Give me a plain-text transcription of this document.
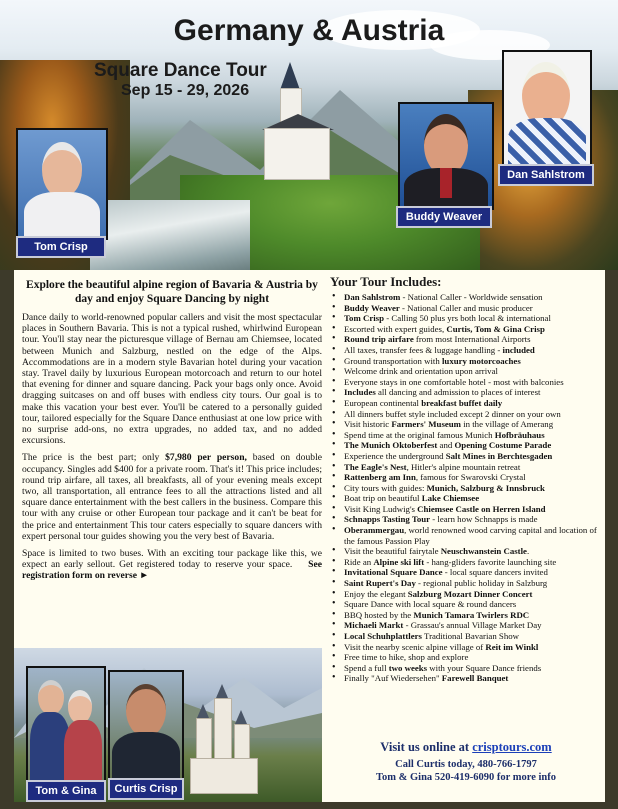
Germany & Austria
Square Dance Tour
Sep 15 - 29, 2026
Tom Crisp
Buddy Weaver
Dan Sahlstrom

Explore the beautiful alpine region of Bavaria & Austria by day and enjoy Square Dancing by night

Dance daily to world-renowned popular callers and visit the most spectacular places in Southern Bavaria. This is not a typical rushed, whirlwind European tour. You'll stay near the picturesque village of Bernau am Chiemsee, located between Munich and Salzburg, nestled on the edge of the Alps. Accommodations are in a modern style Bavarian hotel during your vacation stay. Travel daily by luxurious European motorcoach and return to our hotel that evening for dinner and square dancing. Pack your bags only once. Avoid dragging suitcases on and off buses with endless city tours. Our goal is to make this vacation your best ever. You'll be catered to a personally guided tour, tailored especially for the Square Dance enthusiast at one low price with no surprise add-ons, no extra upgrades, no added tax, and no added excursions.

The price is the best part; only $7,980 per person, based on double occupancy. Singles add $400 for a private room. That's it! This price includes; round trip airfare, all taxes, all breakfasts, all of your evening meals except two, all transportation, all entrance fees to all the attractions listed and all square dance entertainment with the best callers in the business. Compare this tour with any cruise or other European tour package and it can't be beat for the price and entertainment This tour caters especially to square dancers with expert personal tour guides showing you the very best of Bavaria.

Space is limited to two buses. With an exciting tour package like this, we expect an early sellout. Get registered today to reserve your space. See registration form on reverse ►

Your Tour Includes:
• Dan Sahlstrom - National Caller - Worldwide sensation
• Buddy Weaver - National Caller and music producer
• Tom Crisp - Calling 50 plus yrs both local & international
• Escorted with expert guides, Curtis, Tom & Gina Crisp
• Round trip airfare from most International Airports
• All taxes, transfer fees & luggage handling - included
• Ground transportation with luxury motorcoaches
• Welcome drink and orientation upon arrival
• Everyone stays in one comfortable hotel - most with balconies
• Includes all dancing and admission to places of interest
• European continental breakfast buffet daily
• All dinners buffet style included except 2 dinner on your own
• Visit historic Farmers' Museum in the village of Amerang
• Spend time at the original famous Munich Hofbräuhaus
• The Munich Oktoberfest and Opening Costume Parade
• Experience the underground Salt Mines in Berchtesgaden
• The Eagle's Nest, Hitler's alpine mountain retreat
• Rattenberg am Inn, famous for Swarovski Crystal
• City tours with guides: Munich, Salzburg & Innsbruck
• Boat trip on beautiful Lake Chiemsee
• Visit King Ludwig's Chiemsee Castle on Herren Island
• Schnapps Tasting Tour - learn how Schnapps is made
• Oberammergau, world renowned wood carving capital and location of the famous Passion Play
• Visit the beautiful fairytale Neuschwanstein Castle.
• Ride an Alpine ski lift - hang-gliders favorite launching site
• Invitational Square Dance - local square dancers invited
• Saint Rupert's Day - regional public holiday in Salzburg
• Enjoy the elegant Salzburg Mozart Dinner Concert
• Square Dance with local square & round dancers
• BBQ hosted by the Munich Tamara Twirlers RDC
• Michaeli Markt - Grassau's annual Village Market Day
• Local Schuhplattlers Traditional Bavarian Show
• Visit the nearby scenic alpine village of Reit im Winkl
• Free time to hike, shop and explore
• Spend a full two weeks with your Square Dance friends
• Finally "Auf Wiedersehen" Farewell Banquet
Visit us online at crisptours.com
Call Curtis today, 480-766-1797
Tom & Gina 520-419-6090 for more info
Tom & Gina	Curtis Crisp
